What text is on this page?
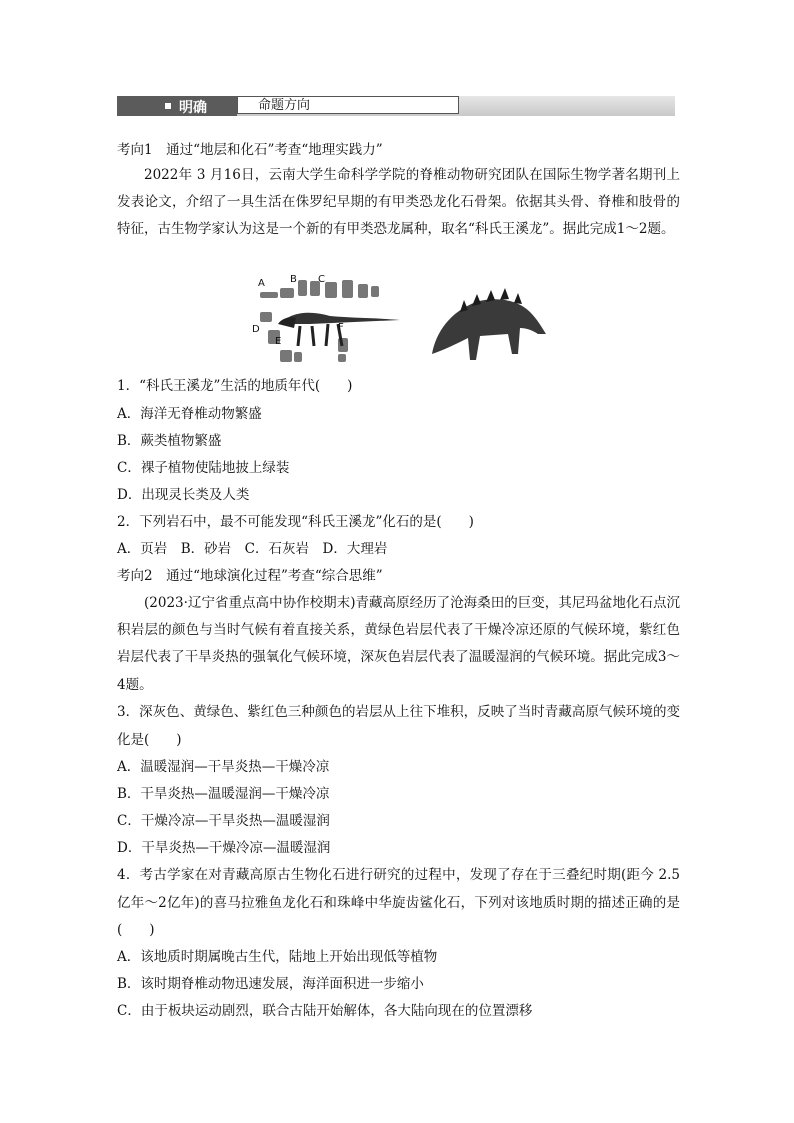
明确	命题方向
考向1　通过“地层和化石”考查“地理实践力”
2022年 3 月16日，云南大学生命科学学院的脊椎动物研究团队在国际生物学著名期刊上发表论文，介绍了一具生活在侏罗纪早期的有甲类恐龙化石骨架。依据其头骨、脊椎和肢骨的特征，古生物学家认为这是一个新的有甲类恐龙属种，取名“科氏王溪龙”。据此完成1～2题。
A	B C
D
E
F
1．“科氏王溪龙”生活的地质年代(　　)
A．海洋无脊椎动物繁盛
B．蕨类植物繁盛
C．裸子植物使陆地披上绿装
D．出现灵长类及人类
2．下列岩石中，最不可能发现“科氏王溪龙”化石的是(　　)
A．页岩　B．砂岩　C．石灰岩　D．大理岩
考向2　通过“地球演化过程”考查“综合思维”
(2023·辽宁省重点高中协作校期末)青藏高原经历了沧海桑田的巨变，其尼玛盆地化石点沉积岩层的颜色与当时气候有着直接关系，黄绿色岩层代表了干燥冷凉还原的气候环境，紫红色岩层代表了干旱炎热的强氧化气候环境，深灰色岩层代表了温暖湿润的气候环境。据此完成3～4题。
3．深灰色、黄绿色、紫红色三种颜色的岩层从上往下堆积，反映了当时青藏高原气候环境的变化是(　　)
A．温暖湿润—干旱炎热—干燥冷凉
B．干旱炎热—温暖湿润—干燥冷凉
C．干燥冷凉—干旱炎热—温暖湿润
D．干旱炎热—干燥冷凉—温暖湿润
4．考古学家在对青藏高原古生物化石进行研究的过程中，发现了存在于三叠纪时期(距今 2.5亿年～2亿年)的喜马拉雅鱼龙化石和珠峰中华旋齿鲨化石，下列对该地质时期的描述正确的是(　　)
A．该地质时期属晚古生代，陆地上开始出现低等植物
B．该时期脊椎动物迅速发展，海洋面积进一步缩小
C．由于板块运动剧烈，联合古陆开始解体，各大陆向现在的位置漂移
